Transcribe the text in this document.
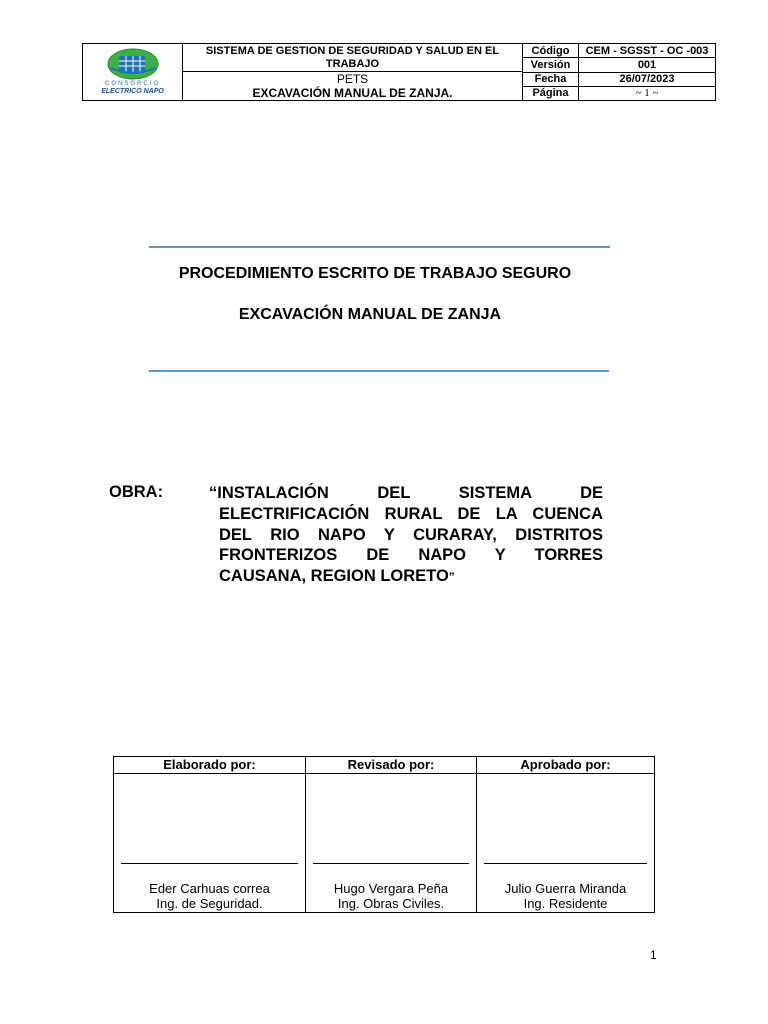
CONSORCIO
ELECTRICO NAPO
SISTEMA DE GESTION DE SEGURIDAD Y SALUD EN EL TRABAJO
PETS
EXCAVACIÓN MANUAL DE ZANJA.
Código
Versión
Fecha
Página
CEM - SGSST - OC -003
001
26/07/2023
~ 1 ~
PROCEDIMIENTO ESCRITO DE TRABAJO SEGURO
EXCAVACIÓN MANUAL DE ZANJA
OBRA:	“INSTALACIÓN DEL SISTEMA DE
ELECTRIFICACIÓN RURAL DE LA CUENCA
DEL RIO NAPO Y CURARAY, DISTRITOS
FRONTERIZOS DE NAPO Y TORRES
CAUSANA, REGION LORETO”
Elaborado por:
Eder Carhuas correa
Ing. de Seguridad.
Revisado por:
Hugo Vergara Peña
Ing. Obras Civiles.
Aprobado por:
Julio Guerra Miranda
Ing. Residente
1
